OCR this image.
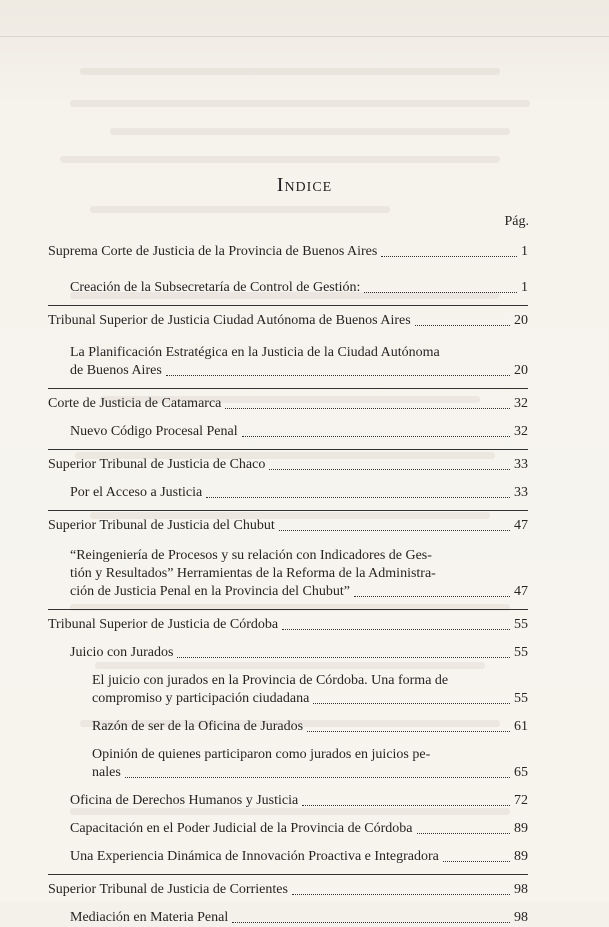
Indice
Pág.
Suprema Corte de Justicia de la Provincia de Buenos Aires	1
Creación de la Subsecretaría de Control de Gestión:	1
Tribunal Superior de Justicia Ciudad Autónoma de Buenos Aires	20
La Planificación Estratégica en la Justicia de la Ciudad Autónoma
de Buenos Aires	20
Corte de Justicia de Catamarca	32
Nuevo Código Procesal Penal	32
Superior Tribunal de Justicia de Chaco	33
Por el Acceso a Justicia	33
Superior Tribunal de Justicia del Chubut	47
“Reingeniería de Procesos y su relación con Indicadores de Ges-
tión y Resultados” Herramientas de la Reforma de la Administra-
ción de Justicia Penal en la Provincia del Chubut”	47
Tribunal Superior de Justicia de Córdoba	55
Juicio con Jurados	55
El juicio con jurados en la Provincia de Córdoba. Una forma de
compromiso y participación ciudadana	55
Razón de ser de la Oficina de Jurados	61
Opinión de quienes participaron como jurados en juicios pe-
nales	65
Oficina de Derechos Humanos y Justicia	72
Capacitación en el Poder Judicial de la Provincia de Córdoba	89
Una Experiencia Dinámica de Innovación Proactiva e Integradora	89
Superior Tribunal de Justicia de Corrientes	98
Mediación en Materia Penal	98
